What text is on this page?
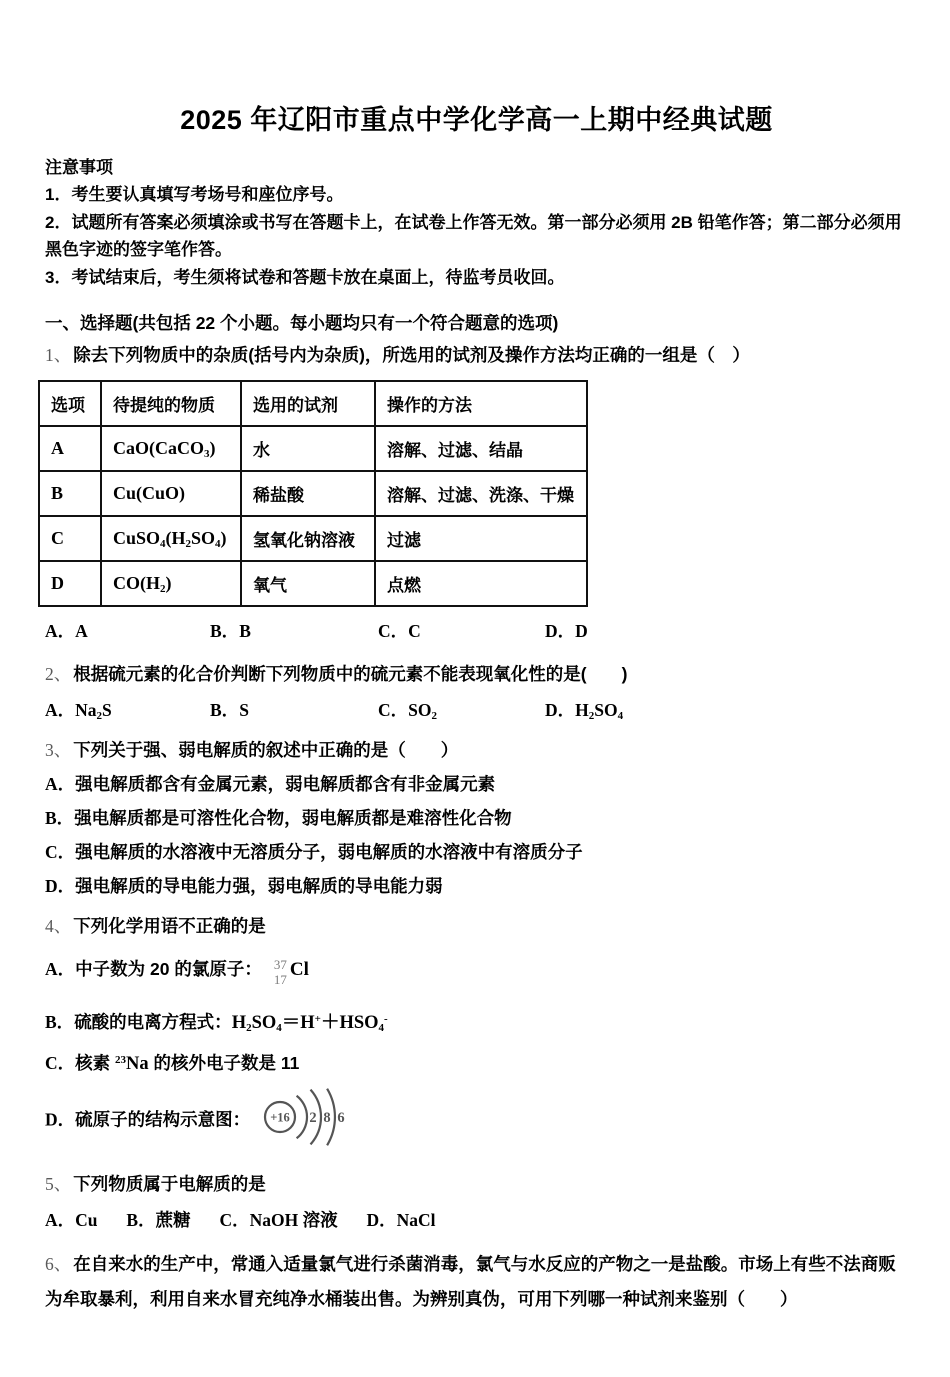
2025 年辽阳市重点中学化学高一上期中经典试题
注意事项
1．考生要认真填写考场号和座位序号。
2．试题所有答案必须填涂或书写在答题卡上，在试卷上作答无效。第一部分必须用 2B 铅笔作答；第二部分必须用黑色字迹的签字笔作答。
3．考试结束后，考生须将试卷和答题卡放在桌面上，待监考员收回。
一、选择题(共包括 22 个小题。每小题均只有一个符合题意的选项)
1、 除去下列物质中的杂质(括号内为杂质)，所选用的试剂及操作方法均正确的一组是（　）
选项	待提纯的物质	选用的试剂	操作的方法
A	CaO(CaCO$_3$)	水	溶解、过滤、结晶
B	Cu(CuO)	稀盐酸	溶解、过滤、洗涤、干燥
C	$CuSO_4(H_2SO_4)$	氢氧化钠溶液	过滤
D	$CO(H_2)$	氧气	点燃
A．A	B．B	C．C	D．D
2、 根据硫元素的化合价判断下列物质中的硫元素不能表现氧化性的是(　　)
A．$Na_2S$	B．S	C．$SO_2$	D．$H_2SO_4$
3、 下列关于强、弱电解质的叙述中正确的是（　　）
A．强电解质都含有金属元素，弱电解质都含有非金属元素
B．强电解质都是可溶性化合物，弱电解质都是难溶性化合物
C．强电解质的水溶液中无溶质分子，弱电解质的水溶液中有溶质分子
D．强电解质的导电能力强，弱电解质的导电能力弱
4、 下列化学用语不正确的是
A．中子数为 20 的氯原子： 37
17 Cl
B．硫酸的电离方程式：$H_2SO_4=H^++HSO_4^-$
C．核素 $^{23}$Na 的核外电子数是 11
D．硫原子的结构示意图： +16 2 8 6
5、 下列物质属于电解质的是
A．Cu B．蔗糖 C．NaOH 溶液 D．NaCl
6、 在自来水的生产中，常通入适量氯气进行杀菌消毒，氯气与水反应的产物之一是盐酸。市场上有些不法商贩为牟取暴利，利用自来水冒充纯净水桶装出售。为辨别真伪，可用下列哪一种试剂来鉴别（　　）
